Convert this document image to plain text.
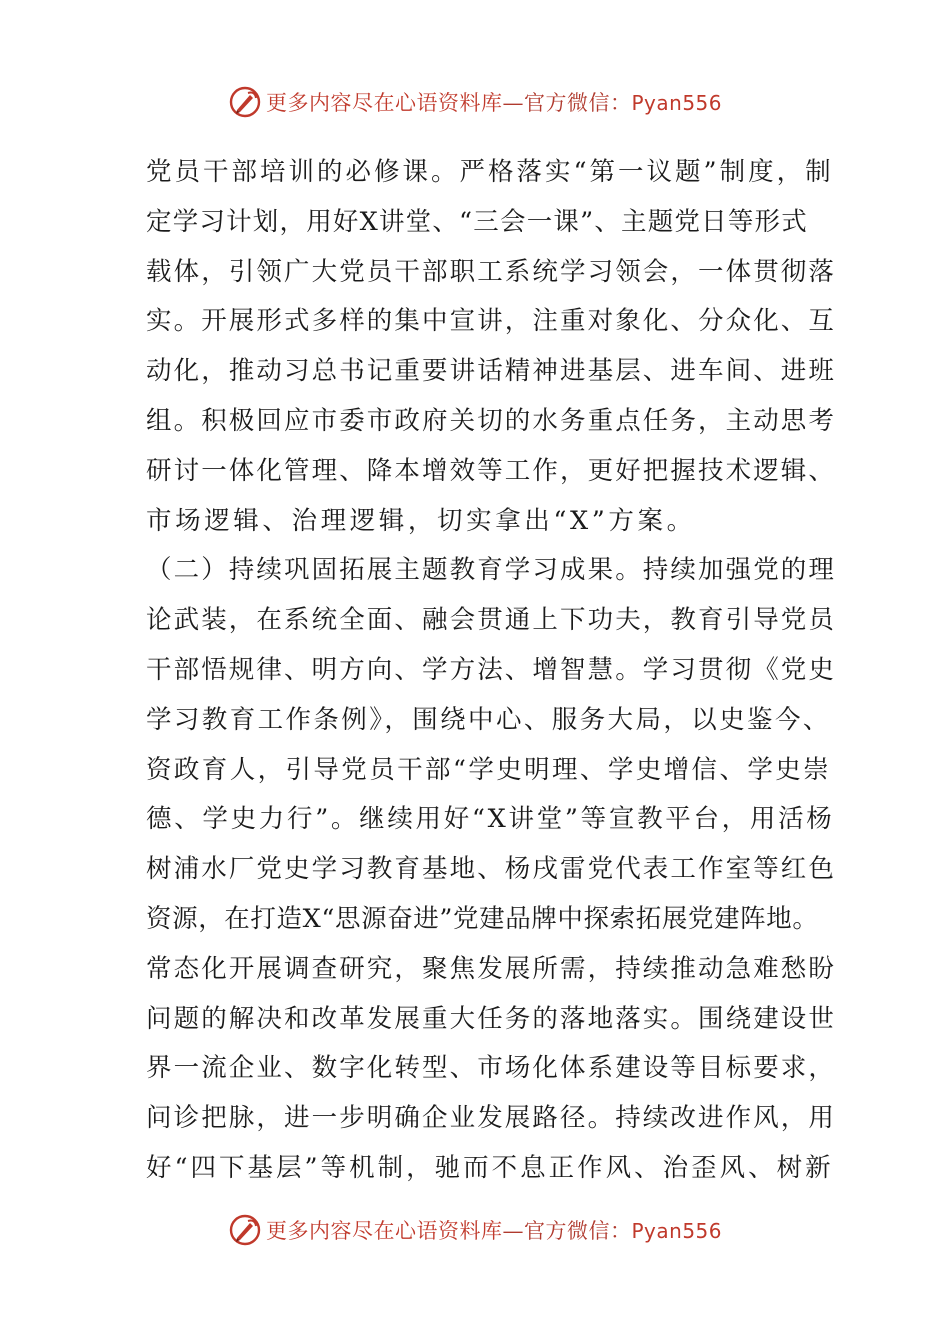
更多内容尽在心语资料库—官方微信：Pyan556
党员干部培训的必修课。严格落实“第一议题”制度，制
定学习计划，用好X讲堂、“三会一课”、主题党日等形式
载体，引领广大党员干部职工系统学习领会，一体贯彻落
实。开展形式多样的集中宣讲，注重对象化、分众化、互
动化，推动习总书记重要讲话精神进基层、进车间、进班
组。积极回应市委市政府关切的水务重点任务，主动思考
研讨一体化管理、降本增效等工作，更好把握技术逻辑、
市场逻辑、治理逻辑，切实拿出“X”方案。
（二）持续巩固拓展主题教育学习成果。持续加强党的理
论武装，在系统全面、融会贯通上下功夫，教育引导党员
干部悟规律、明方向、学方法、增智慧。学习贯彻《党史
学习教育工作条例》，围绕中心、服务大局，以史鉴今、
资政育人，引导党员干部“学史明理、学史增信、学史崇
德、学史力行”。继续用好“X讲堂”等宣教平台，用活杨
树浦水厂党史学习教育基地、杨戌雷党代表工作室等红色
资源，在打造X“思源奋进”党建品牌中探索拓展党建阵地。
常态化开展调查研究，聚焦发展所需，持续推动急难愁盼
问题的解决和改革发展重大任务的落地落实。围绕建设世
界一流企业、数字化转型、市场化体系建设等目标要求，
问诊把脉，进一步明确企业发展路径。持续改进作风，用
好“四下基层”等机制，驰而不息正作风、治歪风、树新
更多内容尽在心语资料库—官方微信：Pyan556
